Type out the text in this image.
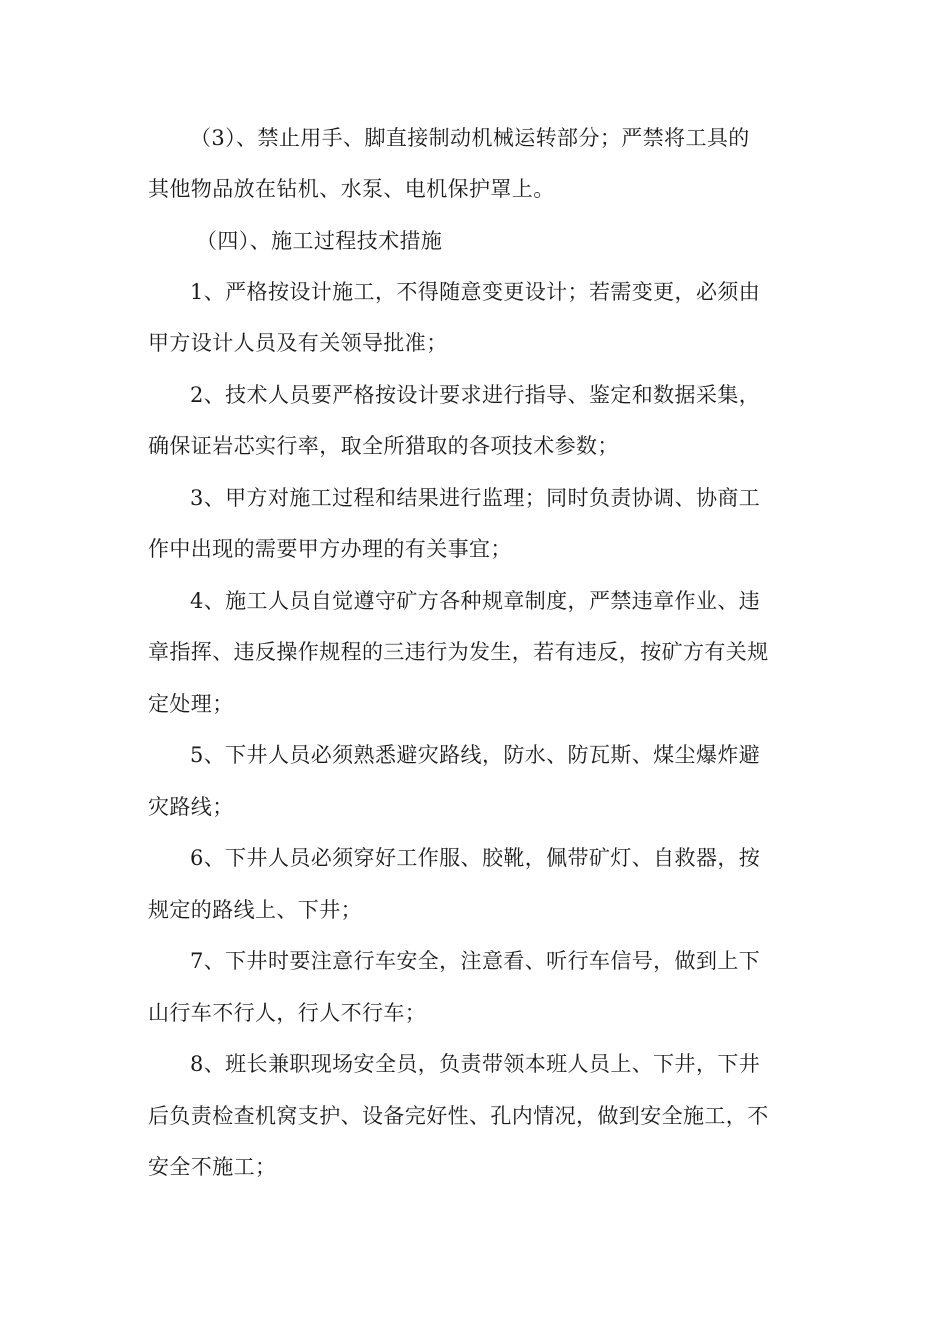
（3）、禁止用手、脚直接制动机械运转部分；严禁将工具的
其他物品放在钻机、水泵、电机保护罩上。
（四）、施工过程技术措施
1、严格按设计施工，不得随意变更设计；若需变更，必须由
甲方设计人员及有关领导批准；
2、技术人员要严格按设计要求进行指导、鉴定和数据采集，
确保证岩芯实行率，取全所猎取的各项技术参数；
3、甲方对施工过程和结果进行监理；同时负责协调、协商工
作中出现的需要甲方办理的有关事宜；
4、施工人员自觉遵守矿方各种规章制度，严禁违章作业、违
章指挥、违反操作规程的三违行为发生，若有违反，按矿方有关规
定处理；
5、下井人员必须熟悉避灾路线，防水、防瓦斯、煤尘爆炸避
灾路线；
6、下井人员必须穿好工作服、胶靴，佩带矿灯、自救器，按
规定的路线上、下井；
7、下井时要注意行车安全，注意看、听行车信号，做到上下
山行车不行人，行人不行车；
8、班长兼职现场安全员，负责带领本班人员上、下井，下井
后负责检查机窝支护、设备完好性、孔内情况，做到安全施工，不
安全不施工；
